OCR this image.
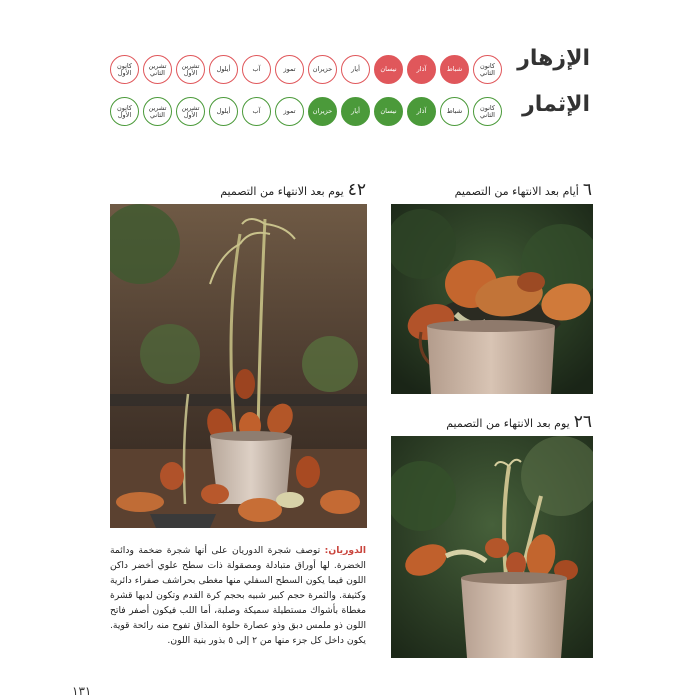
الإزهار
الإثمار
كانون الثاني
شباط
آذار
نيسان
أيار
حزيران
تموز
آب
أيلول
تشرين الأول
تشرين الثاني
كانون الأول
كانون الثاني
شباط
آذار
نيسان
أيار
حزيران
تموز
آب
أيلول
تشرين الأول
تشرين الثاني
كانون الأول
٦أيام بعد الانتهاء من التصميم
٤٢يوم بعد الانتهاء من التصميم
٢٦يوم بعد الانتهاء من التصميم
الدوريان: توصف شجرة الدوريان على أنها شجرة ضخمة ودائمة الخضرة. لها أوراق متبادلة ومصقولة ذات سطح علوي أخضر داكن اللون فيما يكون السطح السفلي منها مغطى بحراشف صفراء دائرية وكثيفة. والثمرة حجم كبير شبيه بحجم كرة القدم وتكون لديها قشرة مغطاة بأشواك مستطيلة سميكة وصلبة، أما اللب فيكون أصفر فاتح اللون ذو ملمس دبق وذو عصارة حلوة المذاق تفوح منه رائحة قوية. يكون داخل كل جزء منها من ٢ إلى ٥ بذور بنية اللون.
١٣١
